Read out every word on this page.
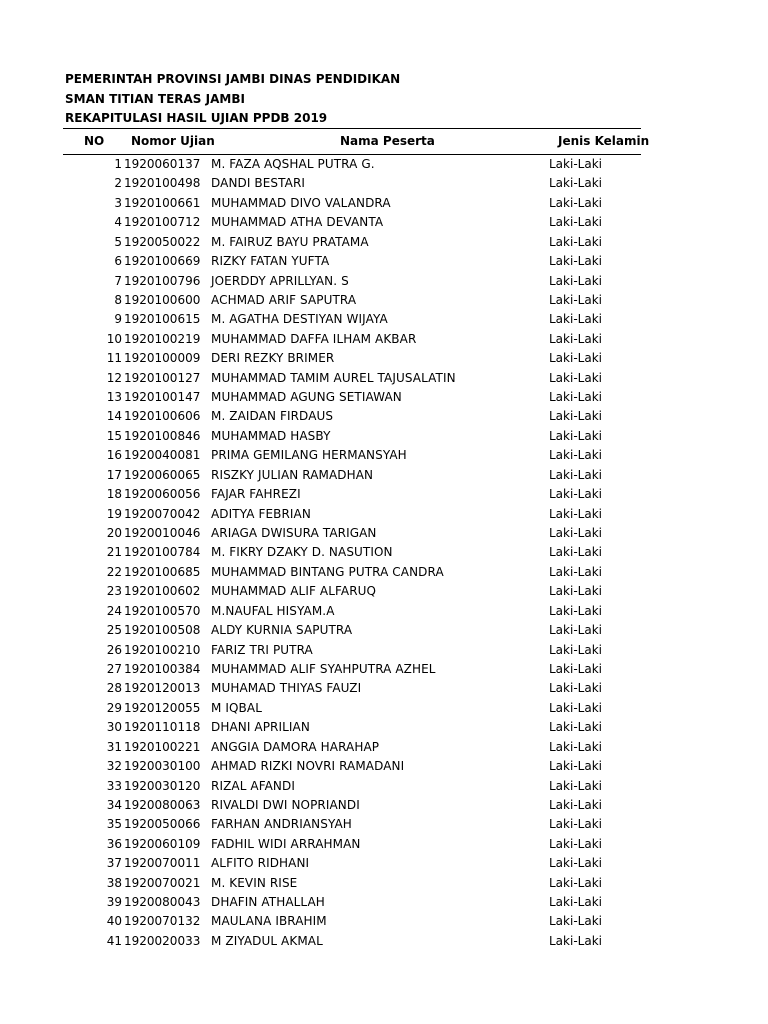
PEMERINTAH PROVINSI JAMBI DINAS PENDIDIKAN
SMAN TITIAN TERAS JAMBI
REKAPITULASI HASIL UJIAN PPDB 2019
NO Nomor Ujian	Nama Peserta	Jenis Kelamin
1 1920060137 M. FAZA AQSHAL PUTRA G.	Laki-Laki
2 1920100498 DANDI BESTARI	Laki-Laki
3 1920100661 MUHAMMAD DIVO VALANDRA	Laki-Laki
4 1920100712 MUHAMMAD ATHA DEVANTA	Laki-Laki
5 1920050022 M. FAIRUZ BAYU PRATAMA	Laki-Laki
6 1920100669 RIZKY FATAN YUFTA	Laki-Laki
7 1920100796 JOERDDY APRILLYAN. S	Laki-Laki
8 1920100600 ACHMAD ARIF SAPUTRA	Laki-Laki
9 1920100615 M. AGATHA DESTIYAN WIJAYA	Laki-Laki
10 1920100219 MUHAMMAD DAFFA ILHAM AKBAR	Laki-Laki
11 1920100009 DERI REZKY BRIMER	Laki-Laki
12 1920100127 MUHAMMAD TAMIM AUREL TAJUSALATIN	Laki-Laki
13 1920100147 MUHAMMAD AGUNG SETIAWAN	Laki-Laki
14 1920100606 M. ZAIDAN FIRDAUS	Laki-Laki
15 1920100846 MUHAMMAD HASBY	Laki-Laki
16 1920040081 PRIMA GEMILANG HERMANSYAH	Laki-Laki
17 1920060065 RISZKY JULIAN RAMADHAN	Laki-Laki
18 1920060056 FAJAR FAHREZI	Laki-Laki
19 1920070042 ADITYA FEBRIAN	Laki-Laki
20 1920010046 ARIAGA DWISURA TARIGAN	Laki-Laki
21 1920100784 M. FIKRY DZAKY D. NASUTION	Laki-Laki
22 1920100685 MUHAMMAD BINTANG PUTRA CANDRA	Laki-Laki
23 1920100602 MUHAMMAD ALIF ALFARUQ	Laki-Laki
24 1920100570 M.NAUFAL HISYAM.A	Laki-Laki
25 1920100508 ALDY KURNIA SAPUTRA	Laki-Laki
26 1920100210 FARIZ TRI PUTRA	Laki-Laki
27 1920100384 MUHAMMAD ALIF SYAHPUTRA AZHEL	Laki-Laki
28 1920120013 MUHAMAD THIYAS FAUZI	Laki-Laki
29 1920120055 M IQBAL	Laki-Laki
30 1920110118 DHANI APRILIAN	Laki-Laki
31 1920100221 ANGGIA DAMORA HARAHAP	Laki-Laki
32 1920030100 AHMAD RIZKI NOVRI RAMADANI	Laki-Laki
33 1920030120 RIZAL AFANDI	Laki-Laki
34 1920080063 RIVALDI DWI NOPRIANDI	Laki-Laki
35 1920050066 FARHAN ANDRIANSYAH	Laki-Laki
36 1920060109 FADHIL WIDI ARRAHMAN	Laki-Laki
37 1920070011 ALFITO RIDHANI	Laki-Laki
38 1920070021 M. KEVIN RISE	Laki-Laki
39 1920080043 DHAFIN ATHALLAH	Laki-Laki
40 1920070132 MAULANA IBRAHIM	Laki-Laki
41 1920020033 M ZIYADUL AKMAL	Laki-Laki
